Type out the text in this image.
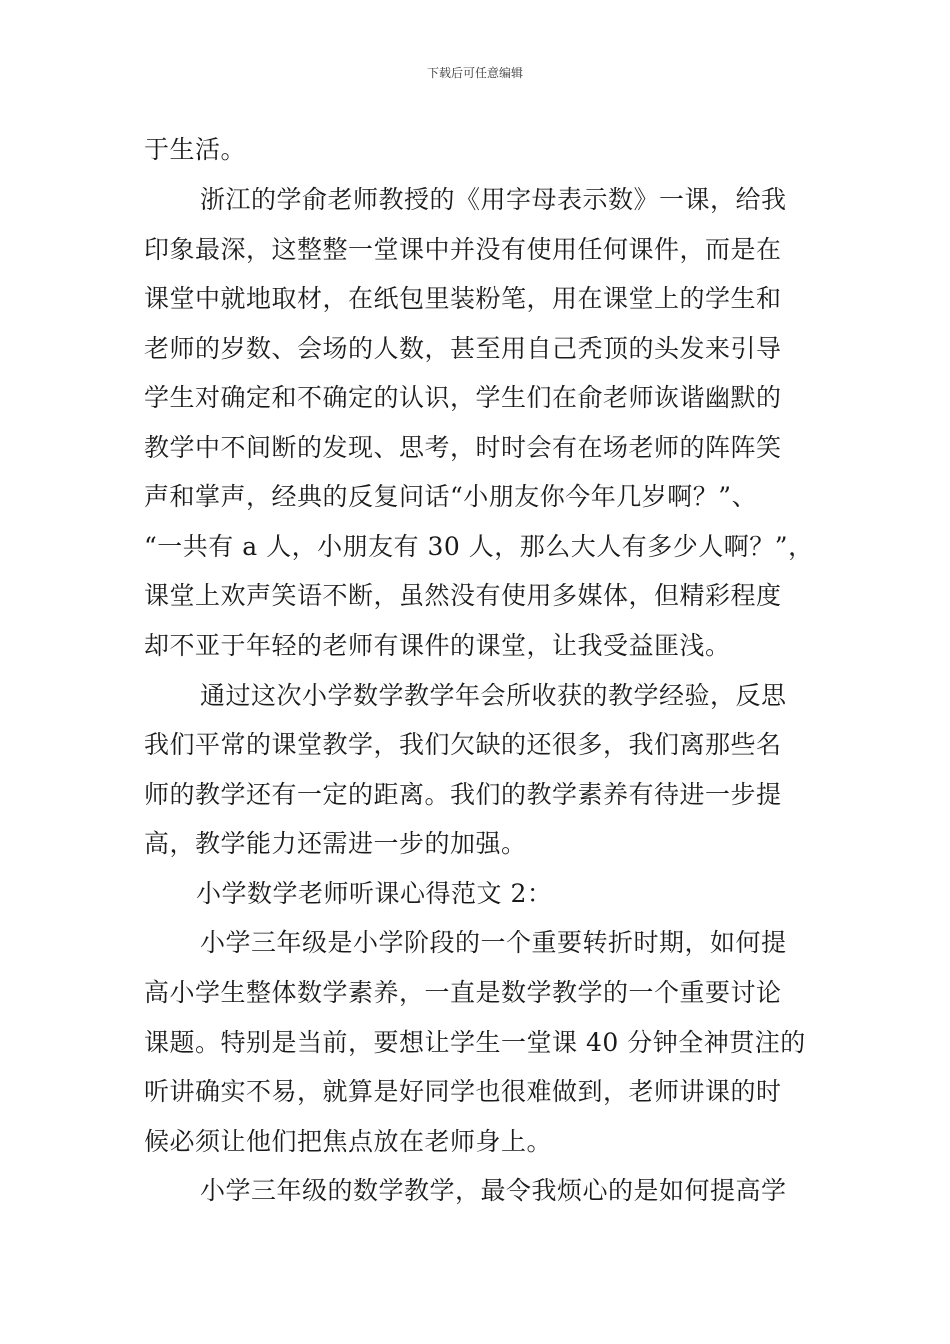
下载后可任意编辑
于生活。
浙江的学俞老师教授的《用字母表示数》一课，给我
印象最深，这整整一堂课中并没有使用任何课件，而是在
课堂中就地取材，在纸包里装粉笔，用在课堂上的学生和
老师的岁数、会场的人数，甚至用自己秃顶的头发来引导
学生对确定和不确定的认识，学生们在俞老师诙谐幽默的
教学中不间断的发现、思考，时时会有在场老师的阵阵笑
声和掌声，经典的反复问话“小朋友你今年几岁啊？”、
“一共有 a 人，小朋友有 30 人，那么大人有多少人啊？”，
课堂上欢声笑语不断，虽然没有使用多媒体，但精彩程度
却不亚于年轻的老师有课件的课堂，让我受益匪浅。
通过这次小学数学教学年会所收获的教学经验，反思
我们平常的课堂教学，我们欠缺的还很多，我们离那些名
师的教学还有一定的距离。我们的教学素养有待进一步提
高，教学能力还需进一步的加强。
小学数学老师听课心得范文 2：
小学三年级是小学阶段的一个重要转折时期，如何提
高小学生整体数学素养，一直是数学教学的一个重要讨论
课题。特别是当前，要想让学生一堂课 40 分钟全神贯注的
听讲确实不易，就算是好同学也很难做到，老师讲课的时
候必须让他们把焦点放在老师身上。
小学三年级的数学教学，最令我烦心的是如何提高学
